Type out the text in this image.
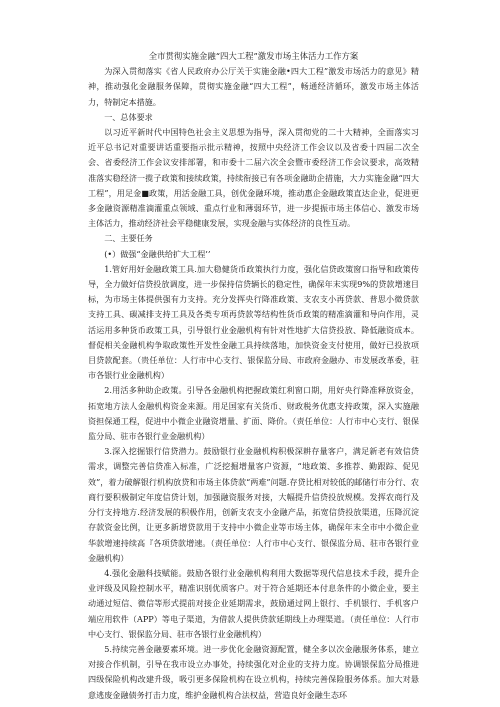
全市贯彻实施金融“四大工程”激发市场主体活力工作方案

为深入贯彻落实《省人民政府办公厅关于实施金融•四大工程”激发市场活力的意见》精神，推动强化金融服务保障，贯彻实施金融“四大工程”，畅通经济循环，激发市场主体活力，特制定本措施。

一、总体要求

以习近平新时代中国特色社会主义思想为指导，深入贯彻党的二十大精神，全面落实习近平总书记对重要讲话重要指示批示精神，按照中央经济工作会议以及省委十四届二次全会、省委经济工作会议安排部署，和市委十二届六次全会暨市委经济工作会议要求，高效精准落实稳经济一揽子政策和接续政策，持续衔接已有各项金融助企措施，大力实施金融“四大工程”，用足金■政策，用活金融工具，创优金融环境，推动惠企金融政策直达企业，促进更多金融资源精准滴灌重点领域、重点行业和薄弱环节，进一步提振市场主体信心、激发市场主体活力，推动经济社会平稳健康发展，实现金融与实体经济的良性互动。

二、主要任务

(•）做强“金融供给扩大工程’’

1.管好用好金融政策工具.加大稳健货币政策执行力度，强化信贷政策窗口指导和政策传导，全力做好信贷投放调度，进一步保持信贷辆长的稳定性，确保年末实现9%的贷款增速目标，为市场主体提供强有力支持。充分发挥央行降准政策、支农支小再贷款、普思小微贷款支持工具、碳减排支持工具及各类专项再贷款等结构性货币政策的精准滴灌和导向作用，灵活运用多种货币政策工具，引导银行业金融机构有针对性地扩大信贷投放、降低融资成本。督促相关金融机构争取政策性开发性金融工具持续落地，加快资金支付使用，做好已投放项目贷款配套。（贵任单位：人行市中心支行、银保监分局、市政府金融办、市发展改革委，驻市各银行业金融机构）

2.用活多种助企政策。引导各金融机构把握政策红利窗口期，用好央行降准释放资金，拓宽地方法人金融机构资金来源。用足国家有关货币、财政税务优惠支持政策，深入实施融资担保通工程，促进中小微企业融资增量、扩面、降价。（责任单位：人行市中心支行、银保监分局、驻市各银行业金融机构）

3.深入挖掘银行信贷潜力。鼓励银行业金融机构积极深耕存量客户，满足新老有效信贷需求，调整完善信贷准入标准，广泛挖掘增量客户资源，“地政策、多推荐、勤跟踪、促见效”，着力破解银行机构放贷和市场主体贷款“两难”问题.存贷比相对较低的邮储行市分行、农商行要积极制定年度信贷计划，加强融资服务对接，大幅提升信贷投放规模。发挥农商行及分行支持地方.经济发展的积极作用，创新支农支小金融产品，拓宽信贷投放渠道，压降沉淀存款资金比例，让更多新增贷款用于支持中小微企业等市场主体，确保年末全市中小微企业华款增速持续高『各项贷款增速。（责任单位：人行市中心支行、银保监分局、驻市各银行业金融机构）

4.强化金融科技赋能。鼓励各银行业金融机构利用大数据等现代信息技术手段，提升企业评级及风险控制水平，精准识别优质客户。对于符合延期还本付息条件的小微企业，要主动通过短信、微信等形式提前对接企业延期需求，鼓励通过网上银行、手机银行、手机客户端应用软件（APP）等电子渠道，为借款人提供贷款延期线上办理渠道。（责任单位：人行市中心支行、银保监分局、驻市各银行业金融机构）

5.持续完善金融要素环境。进一步优化金融资源配置，健全多以次金融服务体系，建立对接合作机制，引导在我市设立办事处，持续强化对企业的支持力度。协调银保监分局推进四级保险机构改建升级，吸引更多保险机构在设立机构，持续完善保险服务体系。加大对悬意逃废金融债务打击力度，维护金融机构合法权益，营造良好金融生态环
